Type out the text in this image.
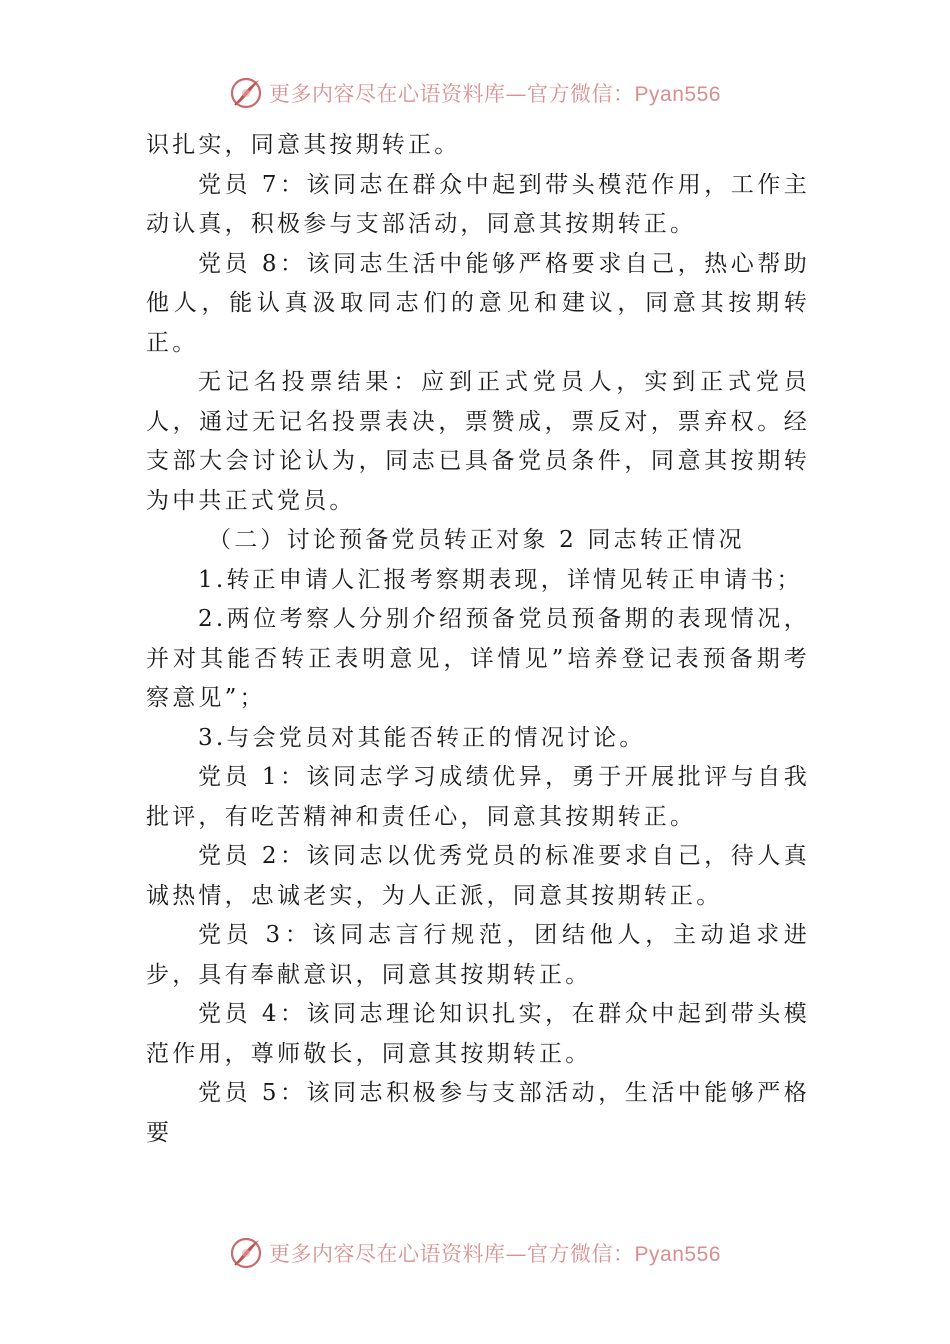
更多内容尽在心语资料库—官方微信：Pyan556

识扎实，同意其按期转正。

党员 7：该同志在群众中起到带头模范作用，工作主动认真，积极参与支部活动，同意其按期转正。

党员 8：该同志生活中能够严格要求自己，热心帮助他人，能认真汲取同志们的意见和建议，同意其按期转正。

无记名投票结果：应到正式党员人，实到正式党员人，通过无记名投票表决，票赞成，票反对，票弃权。经支部大会讨论认为，同志已具备党员条件，同意其按期转为中共正式党员。

（二）讨论预备党员转正对象 2 同志转正情况

1.转正申请人汇报考察期表现，详情见转正申请书；

2.两位考察人分别介绍预备党员预备期的表现情况，并对其能否转正表明意见，详情见”培养登记表预备期考察意见”；

3.与会党员对其能否转正的情况讨论。

党员 1：该同志学习成绩优异，勇于开展批评与自我批评，有吃苦精神和责任心，同意其按期转正。

党员 2：该同志以优秀党员的标准要求自己，待人真诚热情，忠诚老实，为人正派，同意其按期转正。

党员 3：该同志言行规范，团结他人，主动追求进步，具有奉献意识，同意其按期转正。

党员 4：该同志理论知识扎实，在群众中起到带头模范作用，尊师敬长，同意其按期转正。

党员 5：该同志积极参与支部活动，生活中能够严格要

更多内容尽在心语资料库—官方微信：Pyan556
